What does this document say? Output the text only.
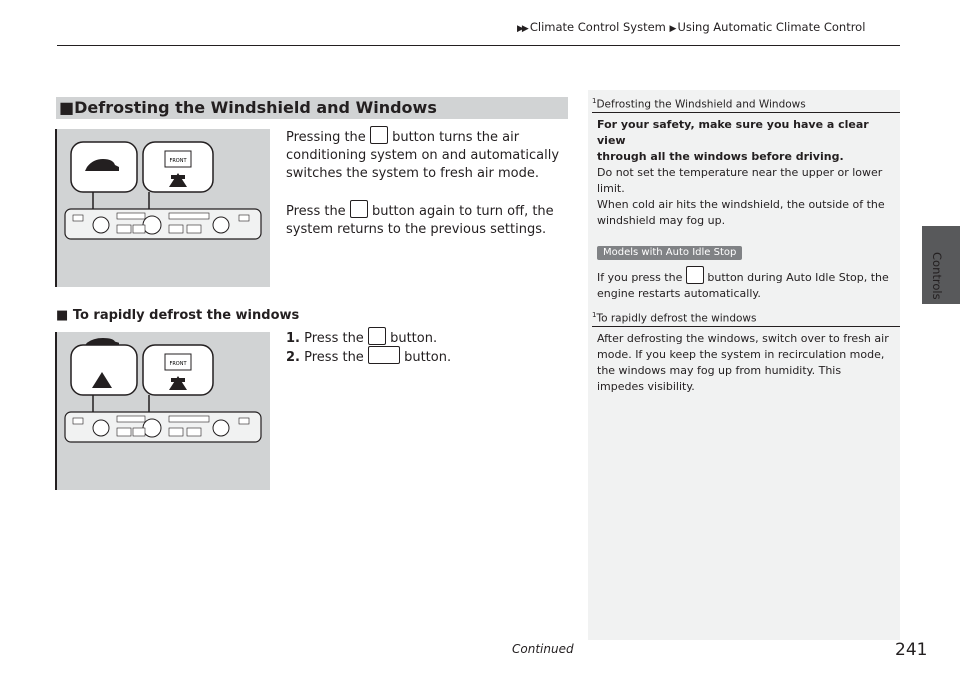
▶▶ Climate Control System ▶ Using Automatic Climate Control
Controls
■Defrosting the Windshield and Windows
FRONT
Pressing the button turns the air
conditioning system on and automatically
switches the system to fresh air mode.
Press the button again to turn off, the
system returns to the previous settings.
■ To rapidly defrost the windows
1. Press the button.
2. Press the	button.
FRONT
$^1$Defrosting the Windshield and Windows
For your safety, make sure you have a clear view
through all the windows before driving.
Do not set the temperature near the upper or lower
limit.
When cold air hits the windshield, the outside of the
windshield may fog up.
Models with Auto Idle Stop
If you press the button during Auto Idle Stop, the
engine restarts automatically.
$^1$To rapidly defrost the windows
After defrosting the windows, switch over to fresh air
mode. If you keep the system in recirculation mode,
the windows may fog up from humidity. This
impedes visibility.
Continued	241
